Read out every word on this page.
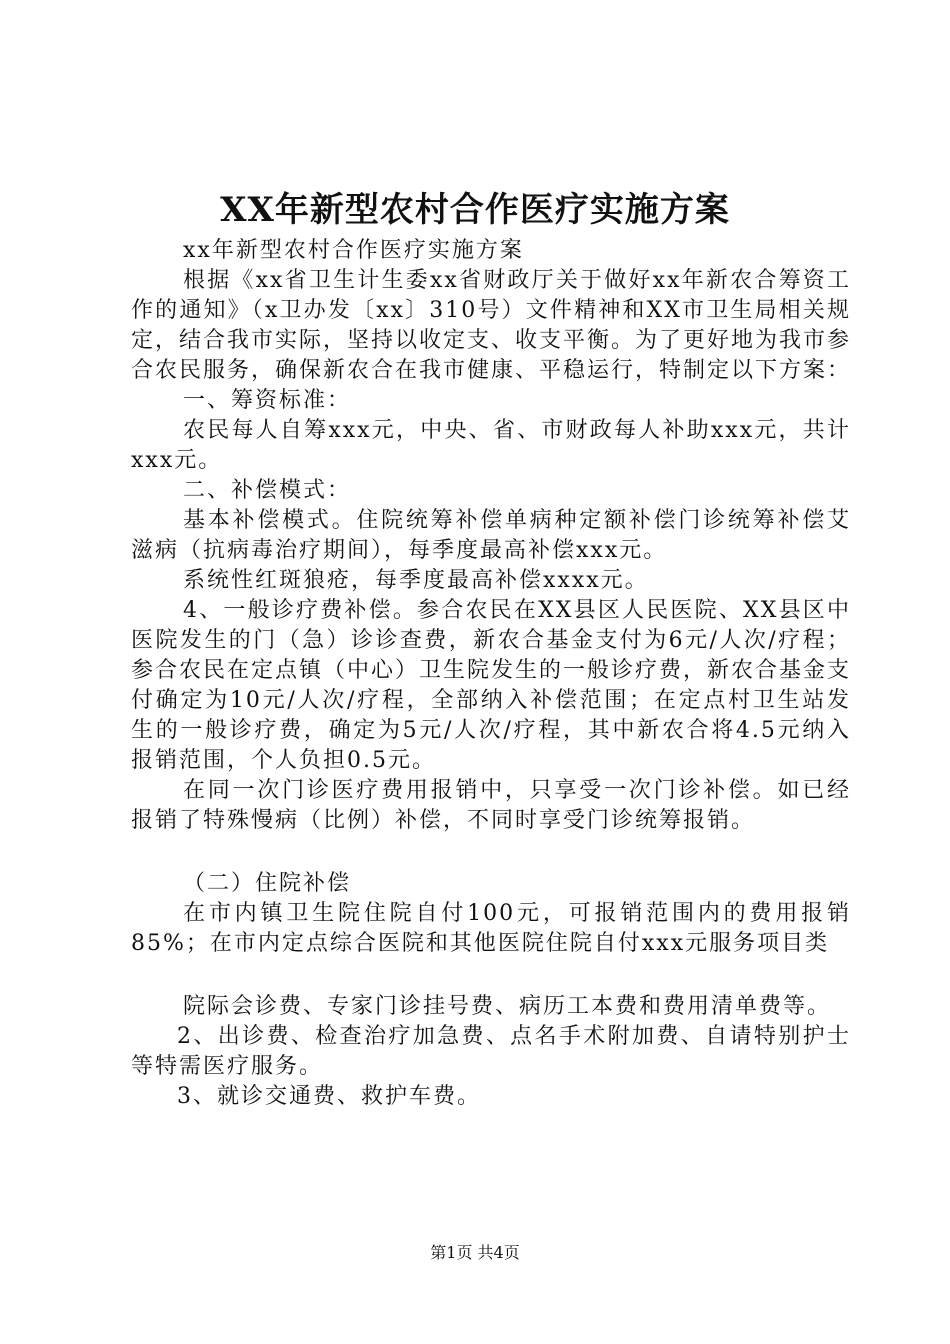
XX年新型农村合作医疗实施方案

xx年新型农村合作医疗实施方案

根据《xx省卫生计生委xx省财政厅关于做好xx年新农合筹资工作的通知》（x卫办发〔xx〕310号）文件精神和XX市卫生局相关规定，结合我市实际，坚持以收定支、收支平衡。为了更好地为我市参合农民服务，确保新农合在我市健康、平稳运行，特制定以下方案：

一、筹资标准：

农民每人自筹xxx元，中央、省、市财政每人补助xxx元，共计xxx元。

二、补偿模式：

基本补偿模式。住院统筹补偿单病种定额补偿门诊统筹补偿艾滋病（抗病毒治疗期间），每季度最高补偿xxx元。

系统性红斑狼疮，每季度最高补偿xxxx元。

4、一般诊疗费补偿。参合农民在XX县区人民医院、XX县区中医院发生的门（急）诊诊查费，新农合基金支付为6元/人次/疗程；参合农民在定点镇（中心）卫生院发生的一般诊疗费，新农合基金支付确定为10元/人次/疗程，全部纳入补偿范围；在定点村卫生站发生的一般诊疗费，确定为5元/人次/疗程，其中新农合将4.5元纳入报销范围，个人负担0.5元。

在同一次门诊医疗费用报销中，只享受一次门诊补偿。如已经报销了特殊慢病（比例）补偿，不同时享受门诊统筹报销。

（二）住院补偿

在市内镇卫生院住院自付100元，可报销范围内的费用报销85%；在市内定点综合医院和其他医院住院自付xxx元服务项目类

院际会诊费、专家门诊挂号费、病历工本费和费用清单费等。

2、出诊费、检查治疗加急费、点名手术附加费、自请特别护士等特需医疗服务。

3、就诊交通费、救护车费。

第1页 共4页
